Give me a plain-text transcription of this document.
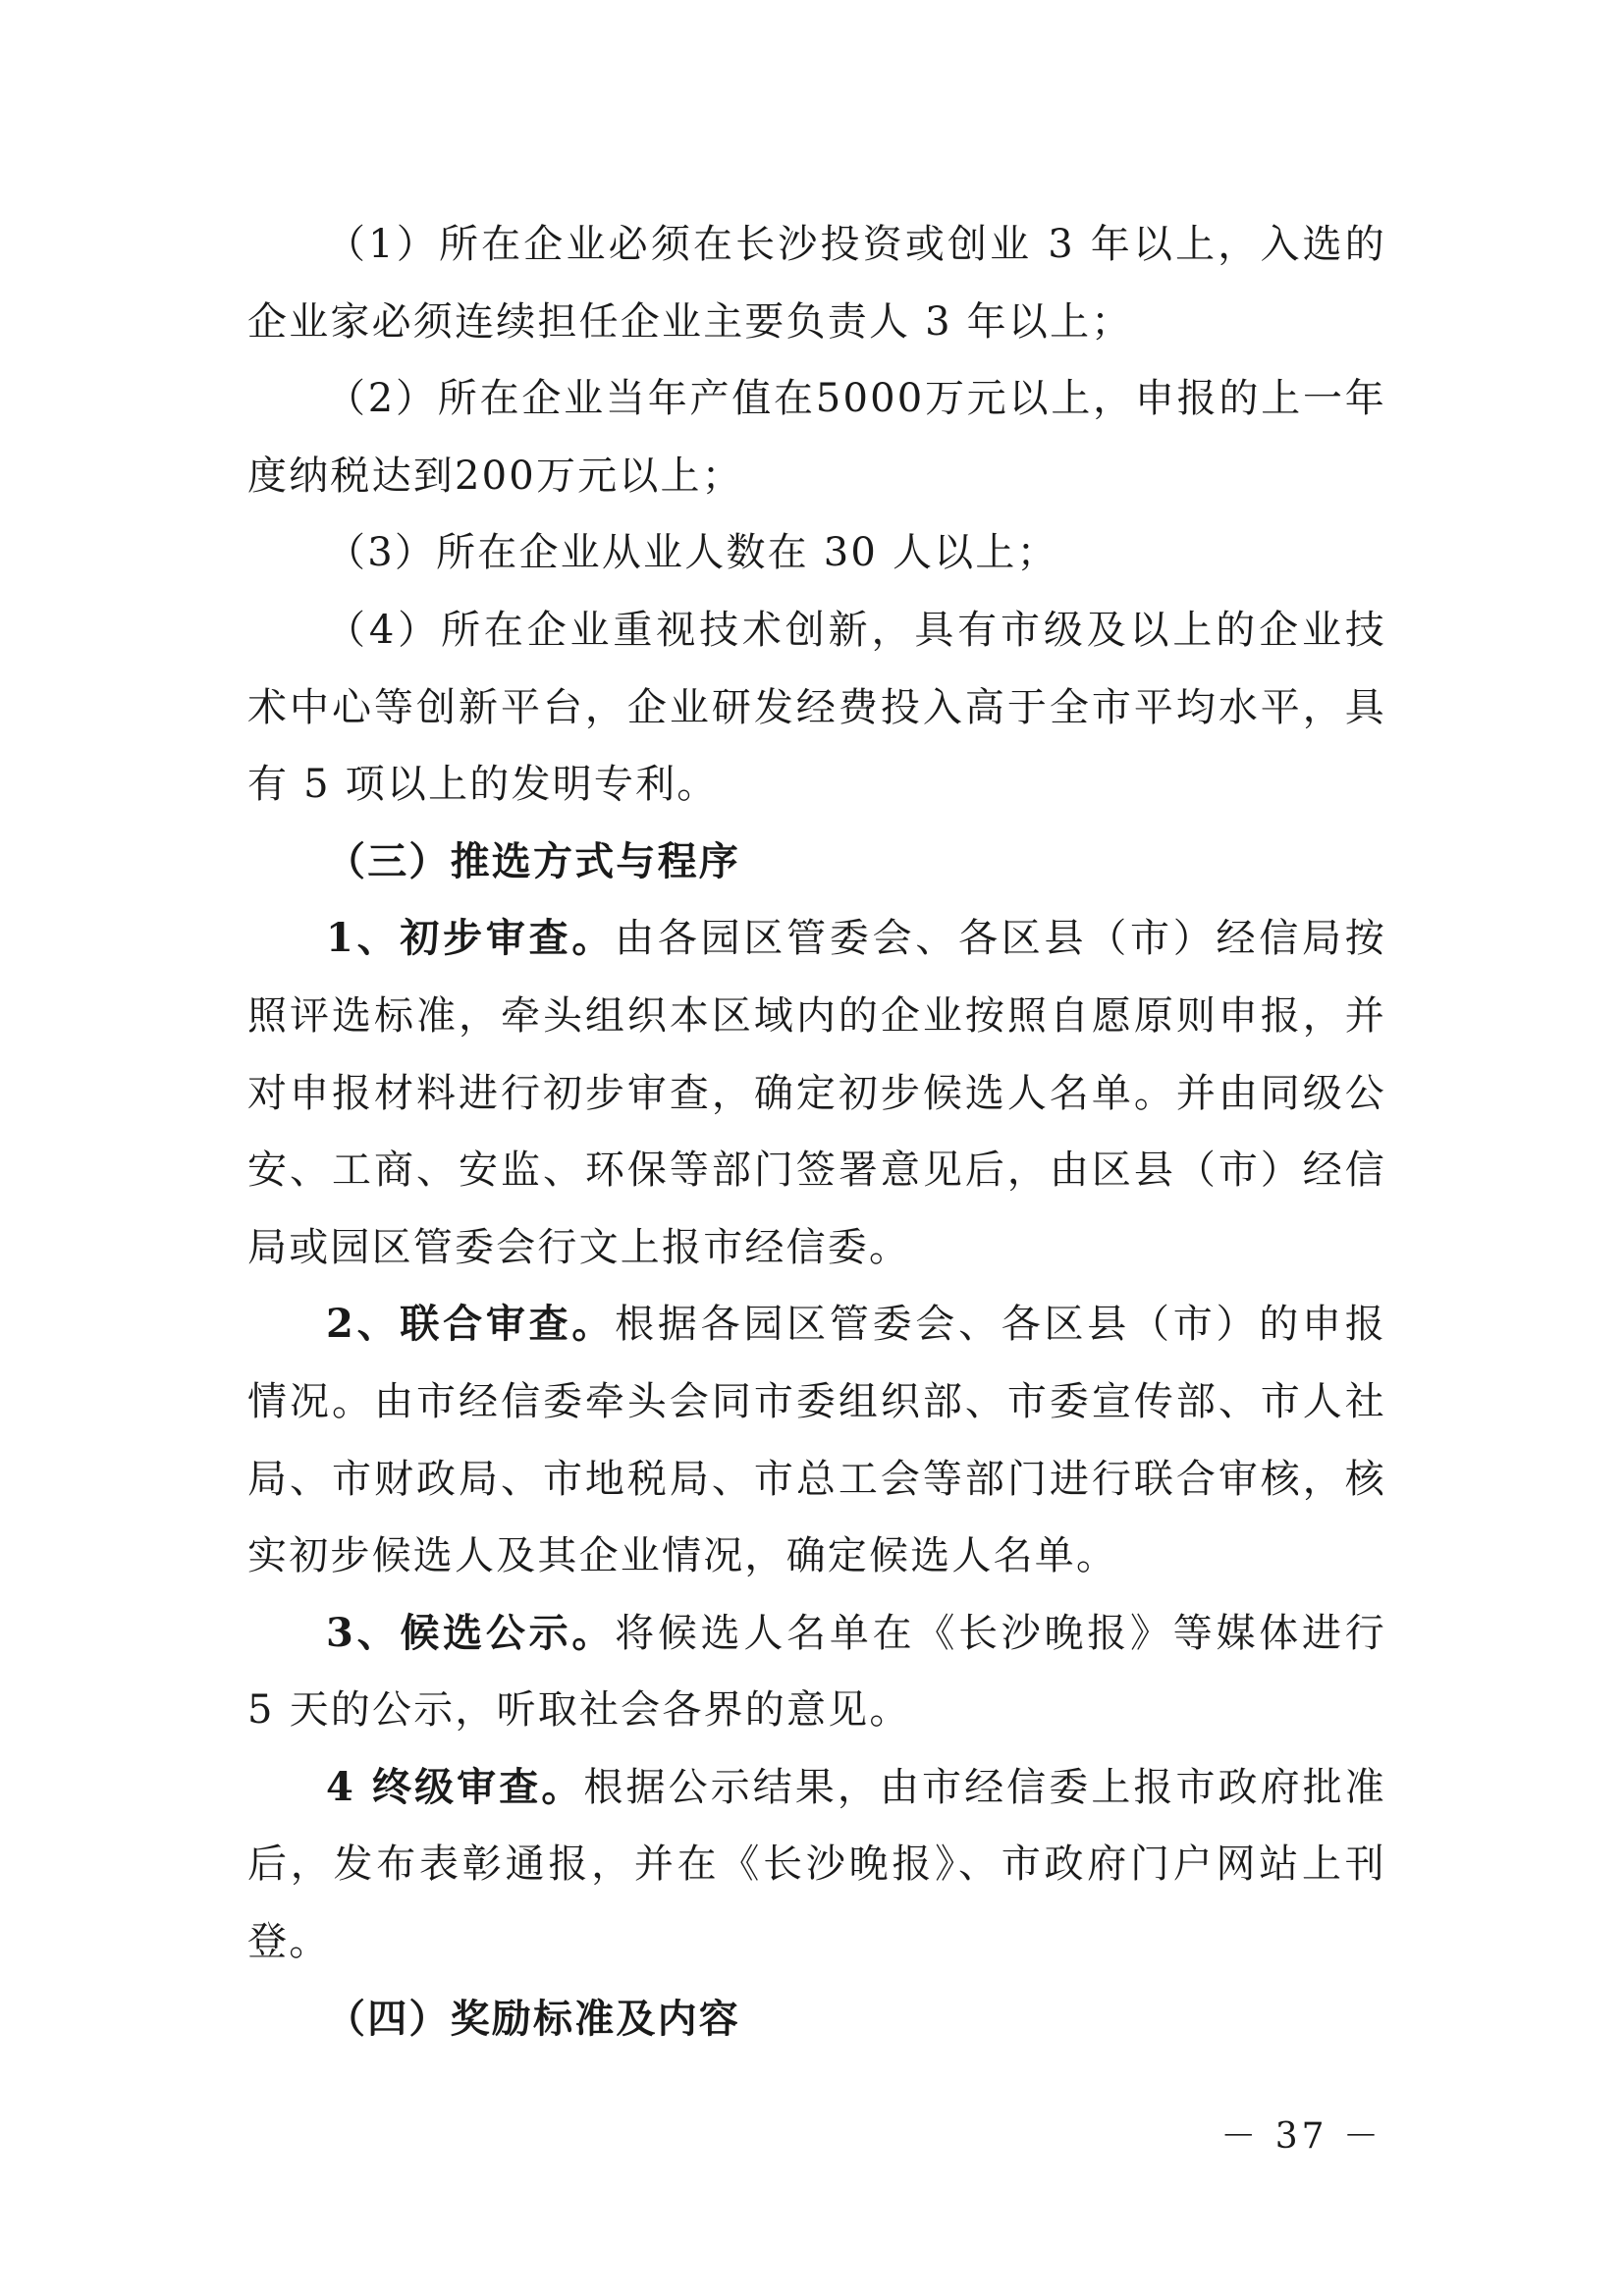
（1）所在企业必须在长沙投资或创业 3 年以上，入选的企业家必须连续担任企业主要负责人 3 年以上；

（2）所在企业当年产值在5000万元以上，申报的上一年度纳税达到200万元以上；

（3）所在企业从业人数在 30 人以上；

（4）所在企业重视技术创新，具有市级及以上的企业技术中心等创新平台，企业研发经费投入高于全市平均水平，具有 5 项以上的发明专利。

（三）推选方式与程序

1、初步审查。由各园区管委会、各区县（市）经信局按照评选标准，牵头组织本区域内的企业按照自愿原则申报，并对申报材料进行初步审查，确定初步候选人名单。并由同级公安、工商、安监、环保等部门签署意见后，由区县（市）经信局或园区管委会行文上报市经信委。

2、联合审查。根据各园区管委会、各区县（市）的申报情况。由市经信委牵头会同市委组织部、市委宣传部、市人社局、市财政局、市地税局、市总工会等部门进行联合审核，核实初步候选人及其企业情况，确定候选人名单。

3、候选公示。将候选人名单在《长沙晚报》等媒体进行 5 天的公示，听取社会各界的意见。

4 终级审查。根据公示结果，由市经信委上报市政府批准后，发布表彰通报，并在《长沙晚报》、市政府门户网站上刊登。

（四）奖励标准及内容

－ 37 －
